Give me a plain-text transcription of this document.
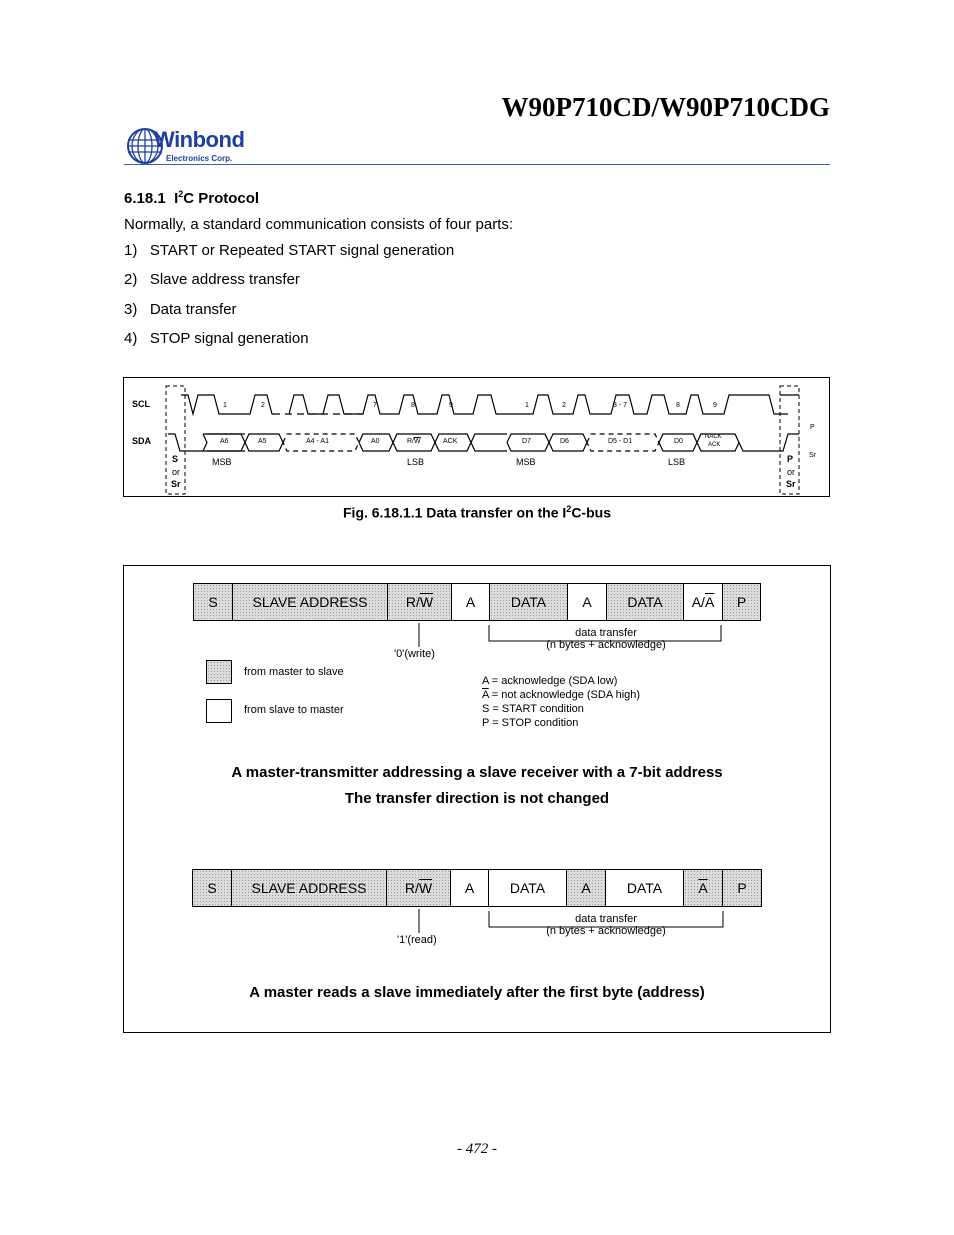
W90P710CD/W90P710CDG
Winbond
Electronics Corp.
6.18.1 $I^2C$ Protocol
Normally, a standard communication consists of four parts:
1)   START or Repeated START signal generation
2)   Slave address transfer
3)   Data transfer
4)   STOP signal generation
SCL
SDA
1	2	7	8	9	1	2	3 - 7	8	9
A6	A5	A4 - A1	A0	$R/\overline{W}$	ACK	D7	D6	D5 - D1	D0
NACK
ACK
S
or
Sr
P
or
Sr
MSB	LSB	MSB	LSB
P
Sr
Fig. 6.18.1.1 Data transfer on the $I^2C$-bus
S	SLAVE ADDRESS	R/ $\overline{W}$	A	DATA	A	DATA	A/ $\overline{A}$	P
'0'(write)
data transfer
(n bytes + acknowledge)
from master to slave
from slave to master
A = acknowledge (SDA low)
$\overline{A}$ = not acknowledge (SDA high)
S = START condition
P = STOP condition
A master-transmitter addressing a slave receiver with a 7-bit address
The transfer direction is not changed
S	SLAVE ADDRESS	R/ $\overline{W}$	A	DATA	A	DATA	$\overline{A}$	P
'1'(read)
data transfer
(n bytes + acknowledge)
A master reads a slave immediately after the first byte (address)
- 472 -
